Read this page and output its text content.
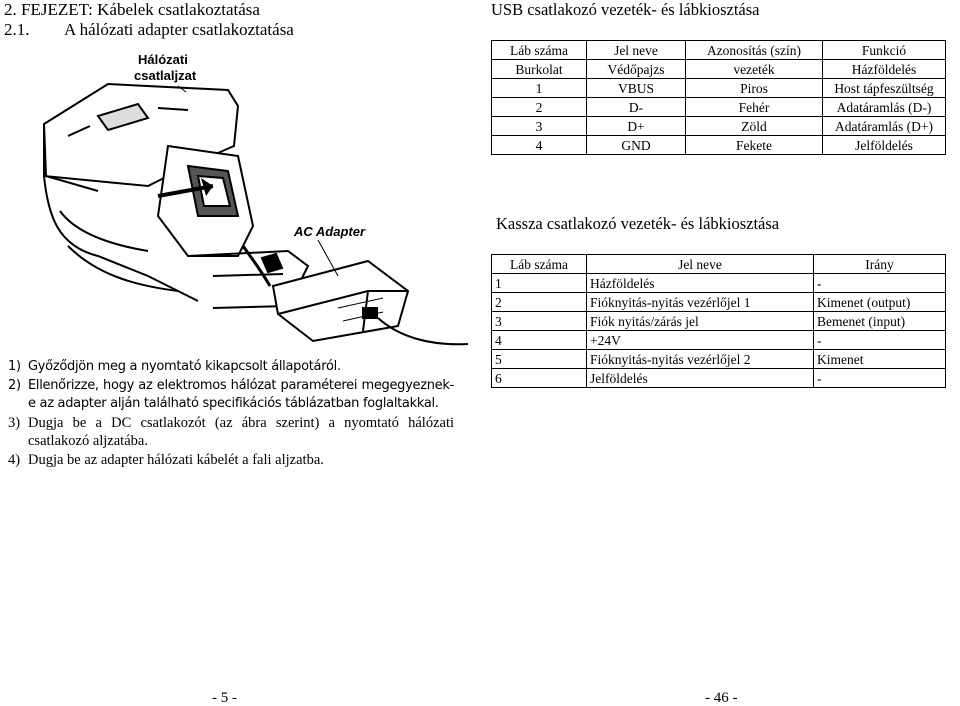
2. FEJEZET: Kábelek csatlakoztatása
2.1. A hálózati adapter csatlakoztatása
Hálózati
csatlaljzat
AC Adapter
1) Győződjön meg a nyomtató kikapcsolt állapotáról.
2) Ellenőrizze, hogy az elektromos hálózat paraméterei megegyeznek-e az adapter alján található specifikációs táblázatban foglaltakkal.
3) Dugja be a DC csatlakozót (az ábra szerint) a nyomtató hálózati csatlakozó aljzatába.
4) Dugja be az adapter hálózati kábelét a fali aljzatba.
USB csatlakozó vezeték- és lábkiosztása
Láb száma	Jel neve	Azonosítás (szín)	Funkció
Burkolat	Védőpajzs	vezeték	Házföldelés
1	VBUS	Piros	Host tápfeszültség
2	D-	Fehér	Adatáramlás (D-)
3	D+	Zöld	Adatáramlás (D+)
4	GND	Fekete	Jelföldelés
Kassza csatlakozó vezeték- és lábkiosztása
Láb száma	Jel neve	Irány
1	Házföldelés	-
2	Fióknyitás-nyitás vezérlőjel 1	Kimenet (output)
3	Fiók nyitás/zárás jel	Bemenet (input)
4	+24V	-
5	Fióknyitás-nyitás vezérlőjel 2	Kimenet
6	Jelföldelés	-
- 5 -	- 46 -
